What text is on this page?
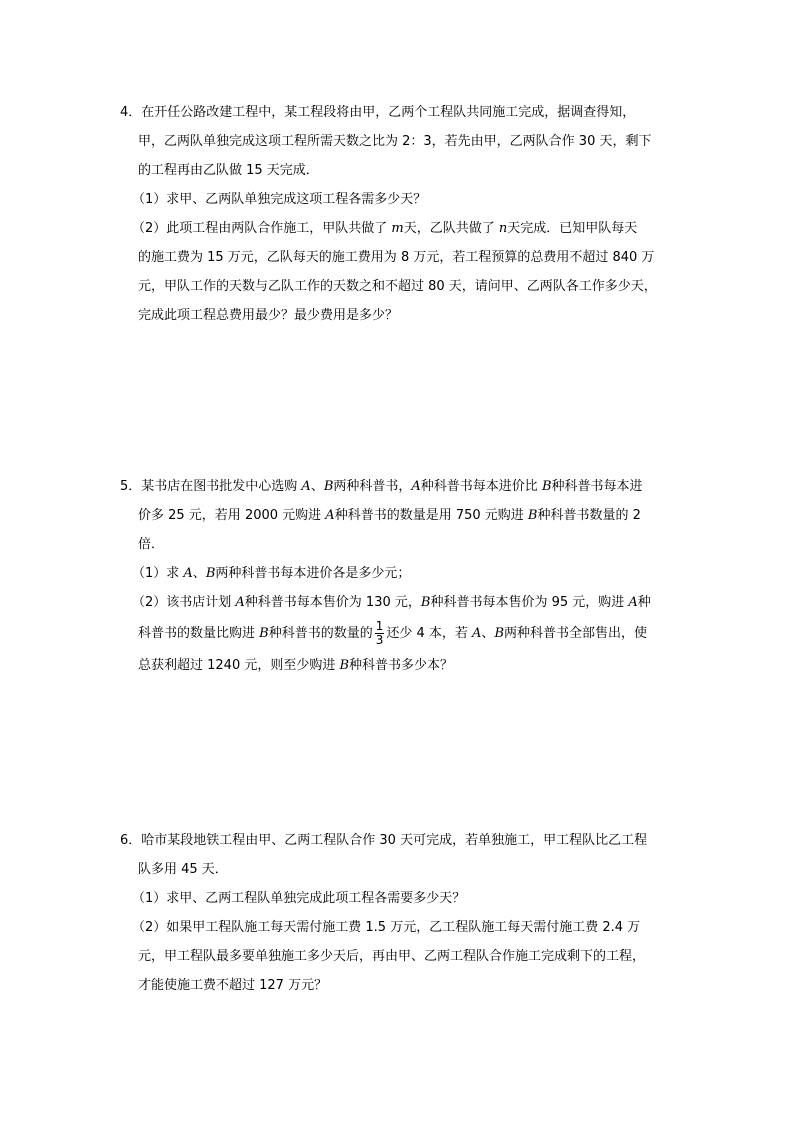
4．在开任公路改建工程中，某工程段将由甲，乙两个工程队共同施工完成，据调查得知，
甲，乙两队单独完成这项工程所需天数之比为 2：3，若先由甲，乙两队合作 30 天，剩下
的工程再由乙队做 15 天完成．
（1）求甲、乙两队单独完成这项工程各需多少天？
（2）此项工程由两队合作施工，甲队共做了 m天，乙队共做了 n天完成．已知甲队每天
的施工费为 15 万元，乙队每天的施工费用为 8 万元，若工程预算的总费用不超过 840 万
元，甲队工作的天数与乙队工作的天数之和不超过 80 天，请问甲、乙两队各工作多少天，
完成此项工程总费用最少？最少费用是多少？
5．某书店在图书批发中心选购 A、B两种科普书，A种科普书每本进价比 B种科普书每本进
价多 25 元，若用 2000 元购进 A种科普书的数量是用 750 元购进 B种科普书数量的 2
倍．
（1）求 A、B两种科普书每本进价各是多少元；
（2）该书店计划 A种科普书每本售价为 130 元，B种科普书每本售价为 95 元，购进 A种
科普书的数量比购进 B种科普书的数量的 $\frac{1}{3}$ 还少 4 本，若 A、B两种科普书全部售出，使
总获利超过 1240 元，则至少购进 B种科普书多少本？
6．哈市某段地铁工程由甲、乙两工程队合作 30 天可完成，若单独施工，甲工程队比乙工程
队多用 45 天．
（1）求甲、乙两工程队单独完成此项工程各需要多少天？
（2）如果甲工程队施工每天需付施工费 1.5 万元，乙工程队施工每天需付施工费 2.4 万
元，甲工程队最多要单独施工多少天后，再由甲、乙两工程队合作施工完成剩下的工程，
才能使施工费不超过 127 万元？
